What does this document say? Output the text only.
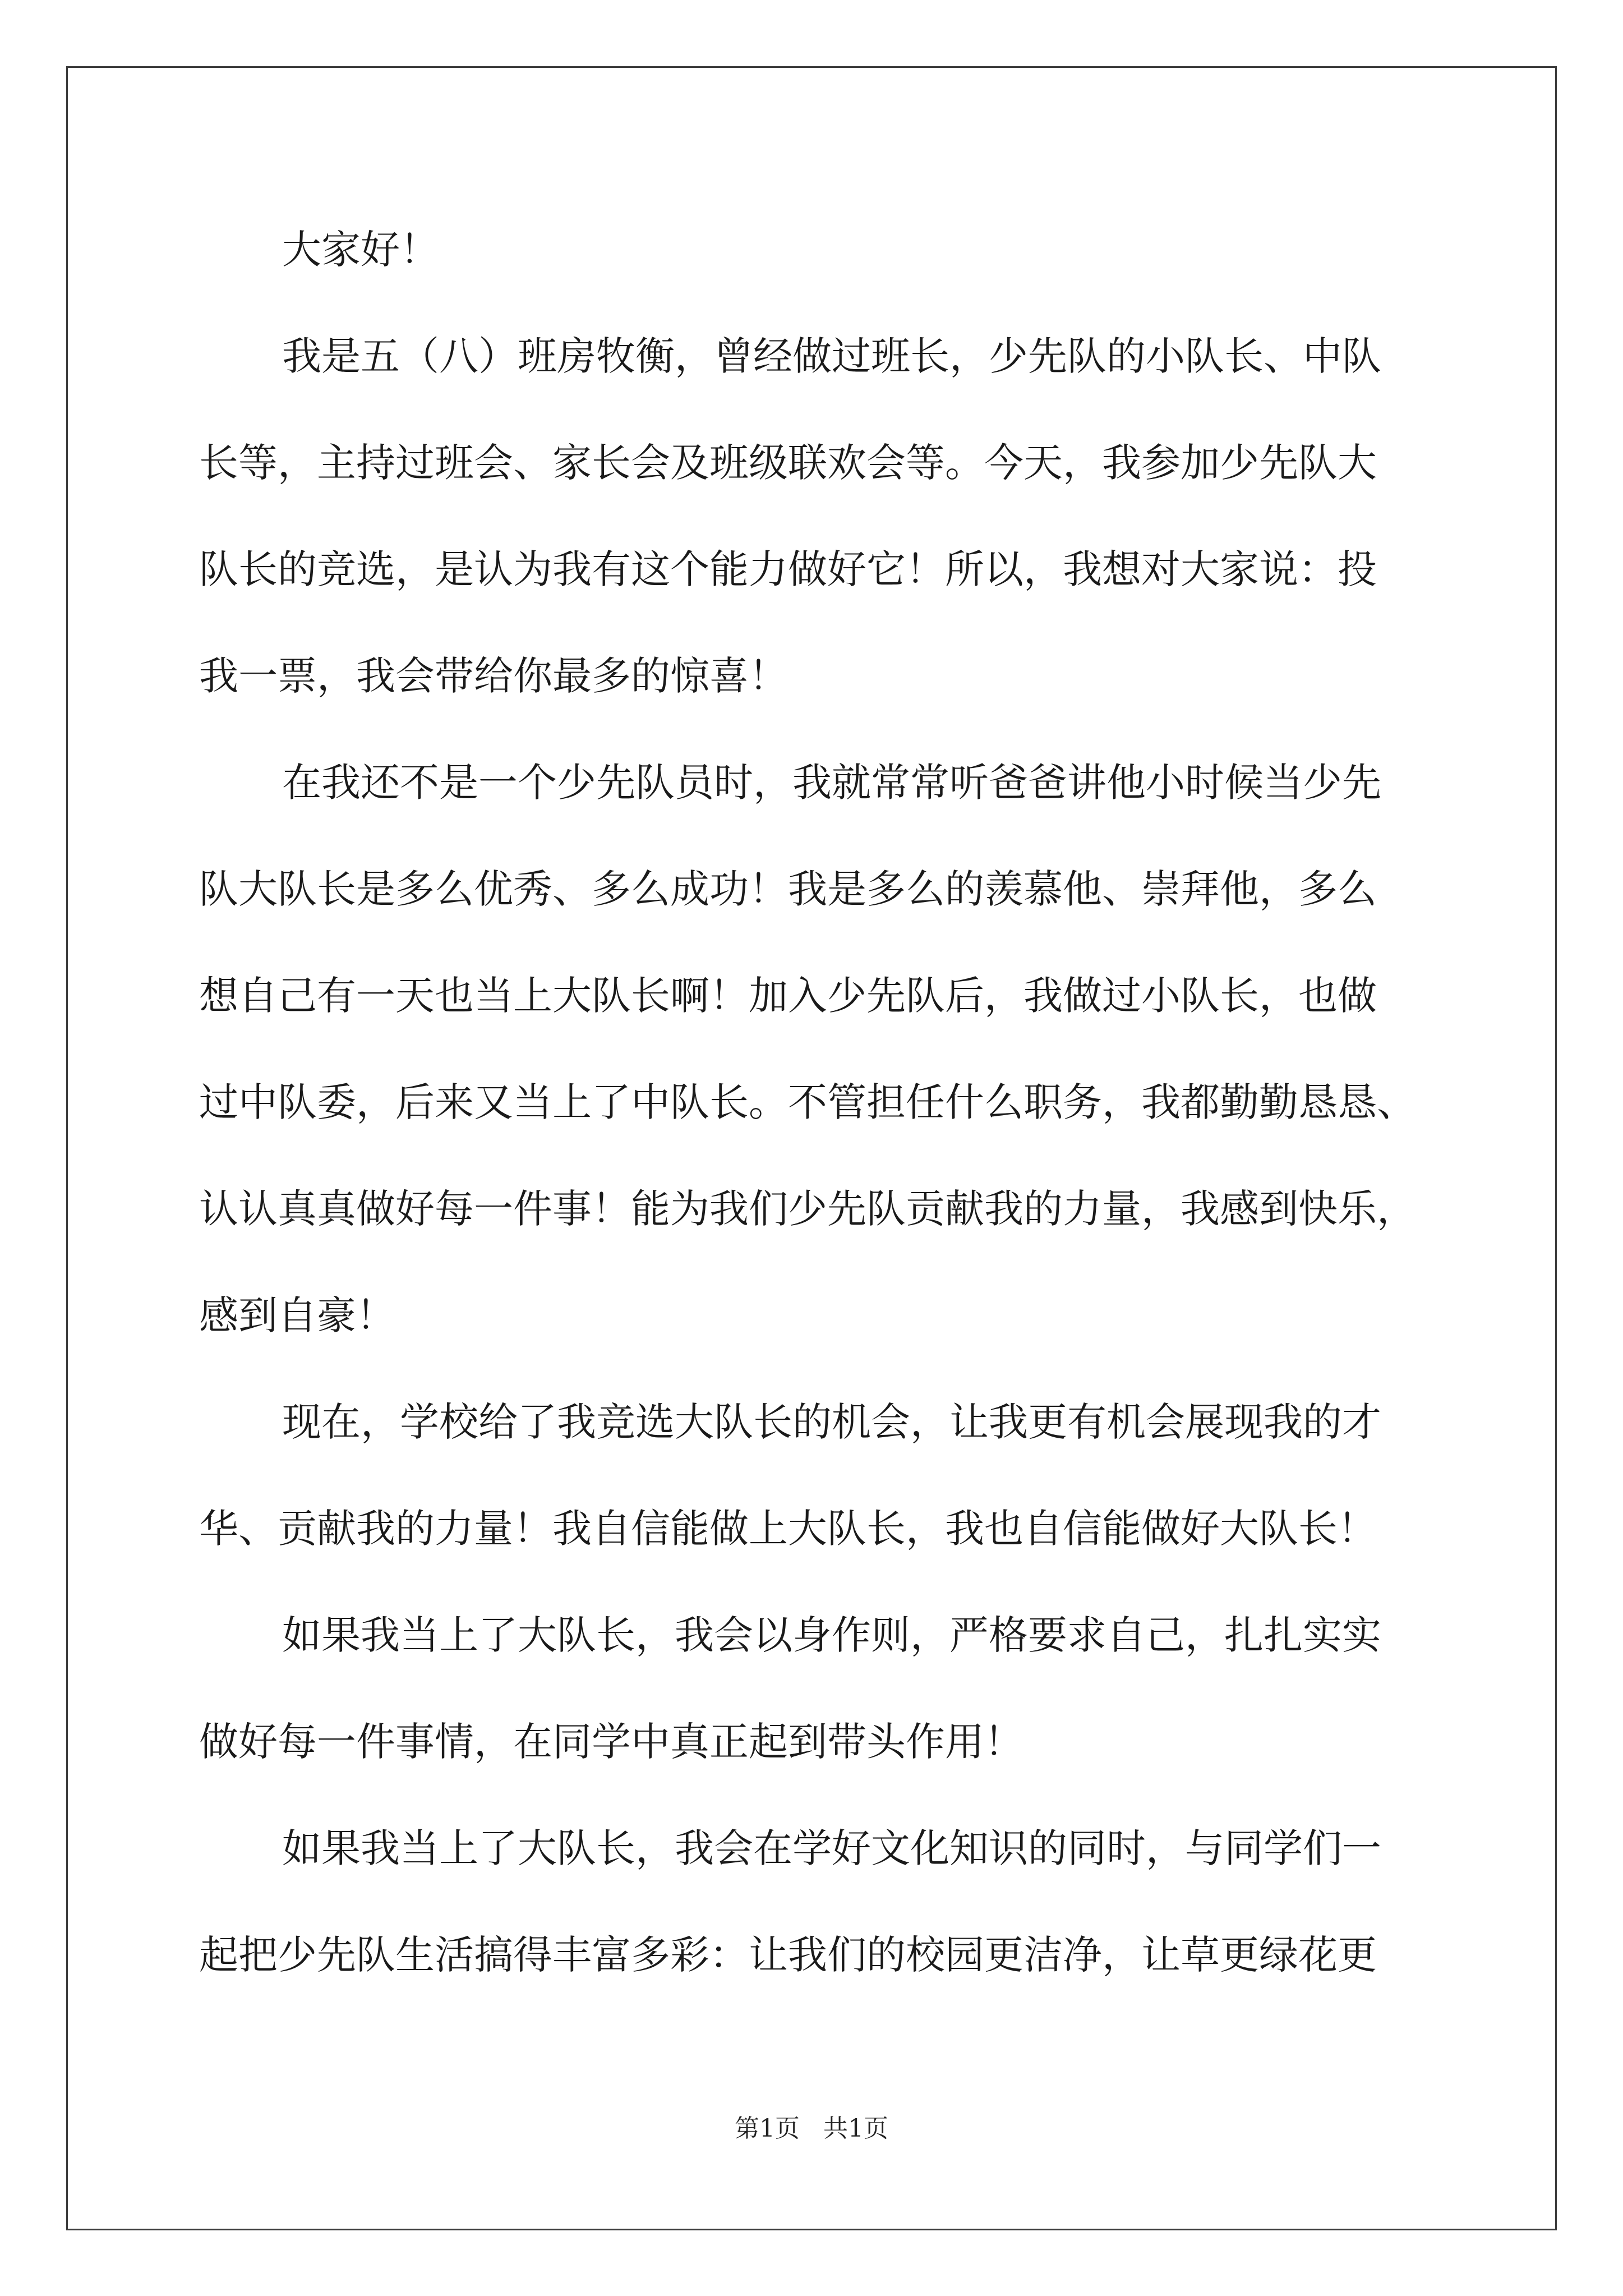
大家好！
我是五（八）班房牧衡，曾经做过班长，少先队的小队长、中队
长等，主持过班会、家长会及班级联欢会等。今天，我参加少先队大
队长的竞选，是认为我有这个能力做好它！所以，我想对大家说：投
我一票，我会带给你最多的惊喜！
在我还不是一个少先队员时，我就常常听爸爸讲他小时候当少先
队大队长是多么优秀、多么成功！我是多么的羡慕他、崇拜他，多么
想自己有一天也当上大队长啊！加入少先队后，我做过小队长，也做
过中队委，后来又当上了中队长。不管担任什么职务，我都勤勤恳恳、
认认真真做好每一件事！能为我们少先队贡献我的力量，我感到快乐，
感到自豪！
现在，学校给了我竞选大队长的机会，让我更有机会展现我的才
华、贡献我的力量！我自信能做上大队长，我也自信能做好大队长！
如果我当上了大队长，我会以身作则，严格要求自己，扎扎实实
做好每一件事情，在同学中真正起到带头作用！
如果我当上了大队长，我会在学好文化知识的同时，与同学们一
起把少先队生活搞得丰富多彩：让我们的校园更洁净，让草更绿花更
第1页 共1页
